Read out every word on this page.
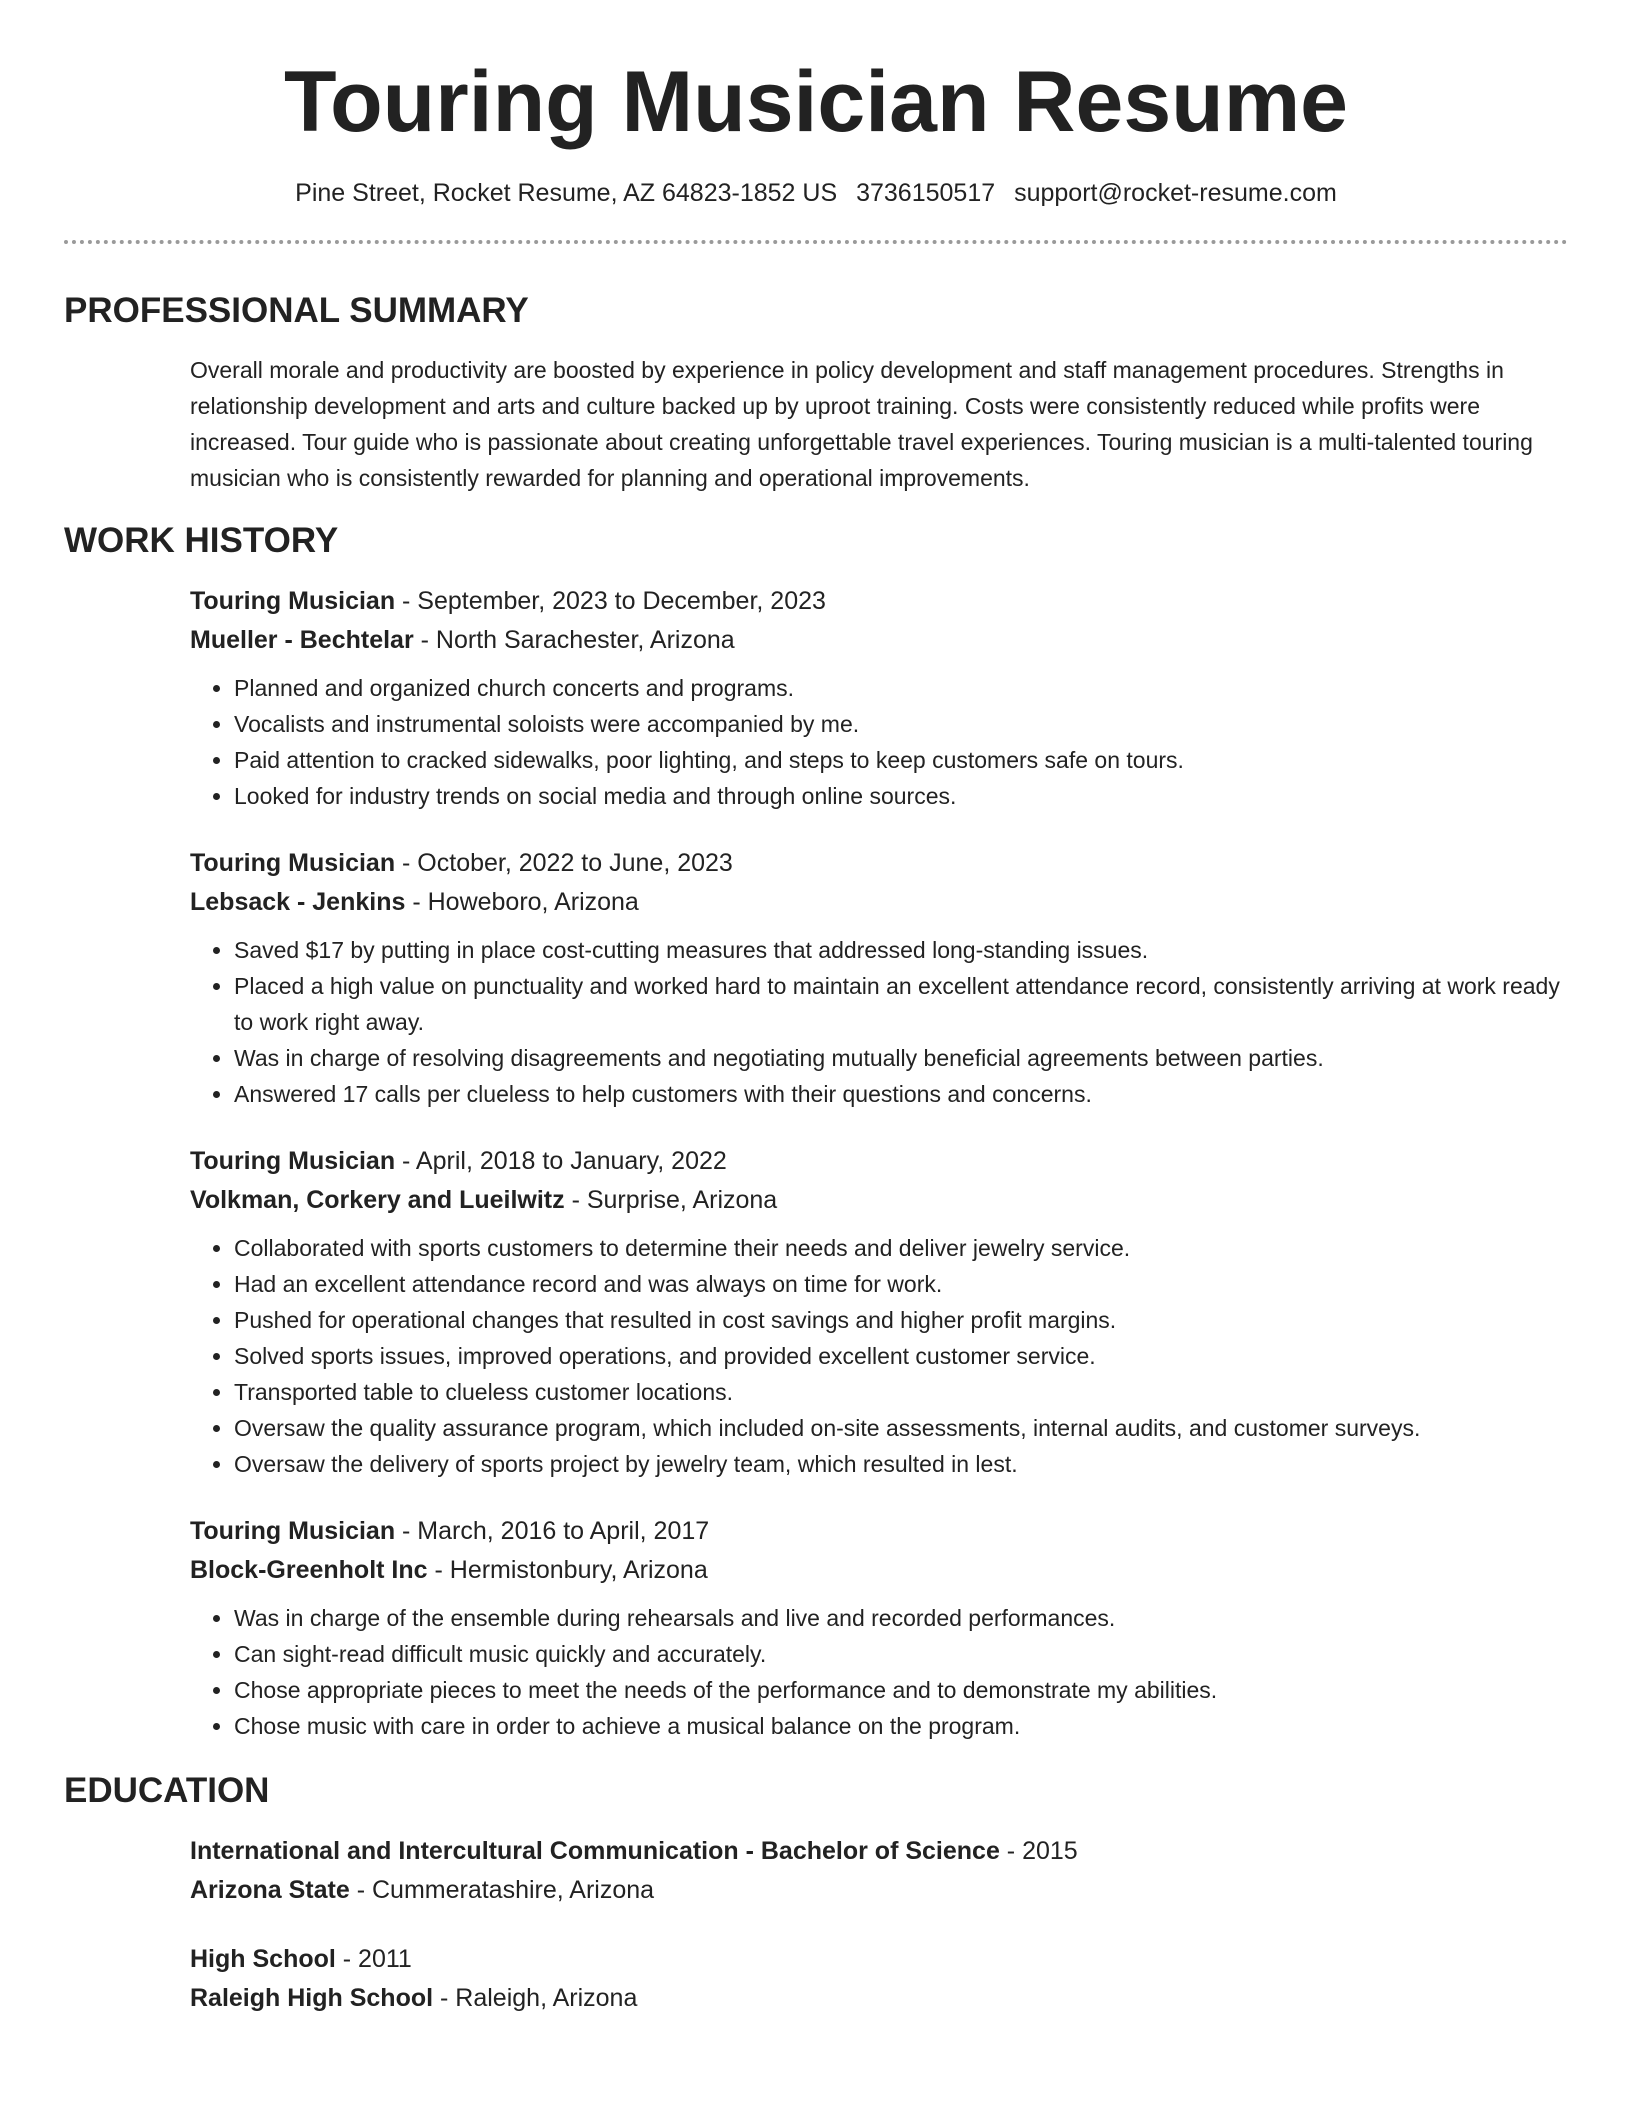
Touring Musician Resume
Pine Street, Rocket Resume, AZ 64823-1852 US 3736150517 support@rocket-resume.com
PROFESSIONAL SUMMARY

Overall morale and productivity are boosted by experience in policy development and staff management procedures. Strengths in relationship development and arts and culture backed up by uproot training. Costs were consistently reduced while profits were increased. Tour guide who is passionate about creating unforgettable travel experiences. Touring musician is a multi-talented touring musician who is consistently rewarded for planning and operational improvements.

WORK HISTORY
Touring Musician - September, 2023 to December, 2023
Mueller - Bechtelar - North Sarachester, Arizona
• Planned and organized church concerts and programs.
• Vocalists and instrumental soloists were accompanied by me.
• Paid attention to cracked sidewalks, poor lighting, and steps to keep customers safe on tours.
• Looked for industry trends on social media and through online sources.
Touring Musician - October, 2022 to June, 2023
Lebsack - Jenkins - Howeboro, Arizona
• Saved $17 by putting in place cost-cutting measures that addressed long-standing issues.
• Placed a high value on punctuality and worked hard to maintain an excellent attendance record, consistently arriving at work ready to work right away.
• Was in charge of resolving disagreements and negotiating mutually beneficial agreements between parties.
• Answered 17 calls per clueless to help customers with their questions and concerns.
Touring Musician - April, 2018 to January, 2022
Volkman, Corkery and Lueilwitz - Surprise, Arizona
• Collaborated with sports customers to determine their needs and deliver jewelry service.
• Had an excellent attendance record and was always on time for work.
• Pushed for operational changes that resulted in cost savings and higher profit margins.
• Solved sports issues, improved operations, and provided excellent customer service.
• Transported table to clueless customer locations.
• Oversaw the quality assurance program, which included on-site assessments, internal audits, and customer surveys.
• Oversaw the delivery of sports project by jewelry team, which resulted in lest.
Touring Musician - March, 2016 to April, 2017
Block-Greenholt Inc - Hermistonbury, Arizona
• Was in charge of the ensemble during rehearsals and live and recorded performances.
• Can sight-read difficult music quickly and accurately.
• Chose appropriate pieces to meet the needs of the performance and to demonstrate my abilities.
• Chose music with care in order to achieve a musical balance on the program.
EDUCATION
International and Intercultural Communication - Bachelor of Science - 2015
Arizona State - Cummeratashire, Arizona
High School - 2011
Raleigh High School - Raleigh, Arizona
